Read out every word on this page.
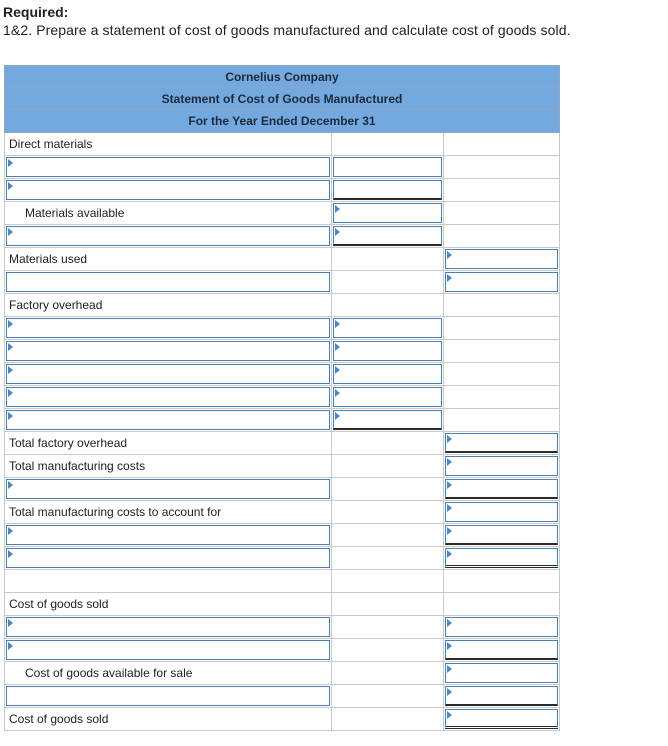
Required:
1&2. Prepare a statement of cost of goods manufactured and calculate cost of goods sold.
Cornelius Company
Statement of Cost of Goods Manufactured
For the Year Ended December 31
Direct materials
Materials available
Materials used
Factory overhead
Total factory overhead
Total manufacturing costs
Total manufacturing costs to account for
Cost of goods sold
Cost of goods available for sale
Cost of goods sold
